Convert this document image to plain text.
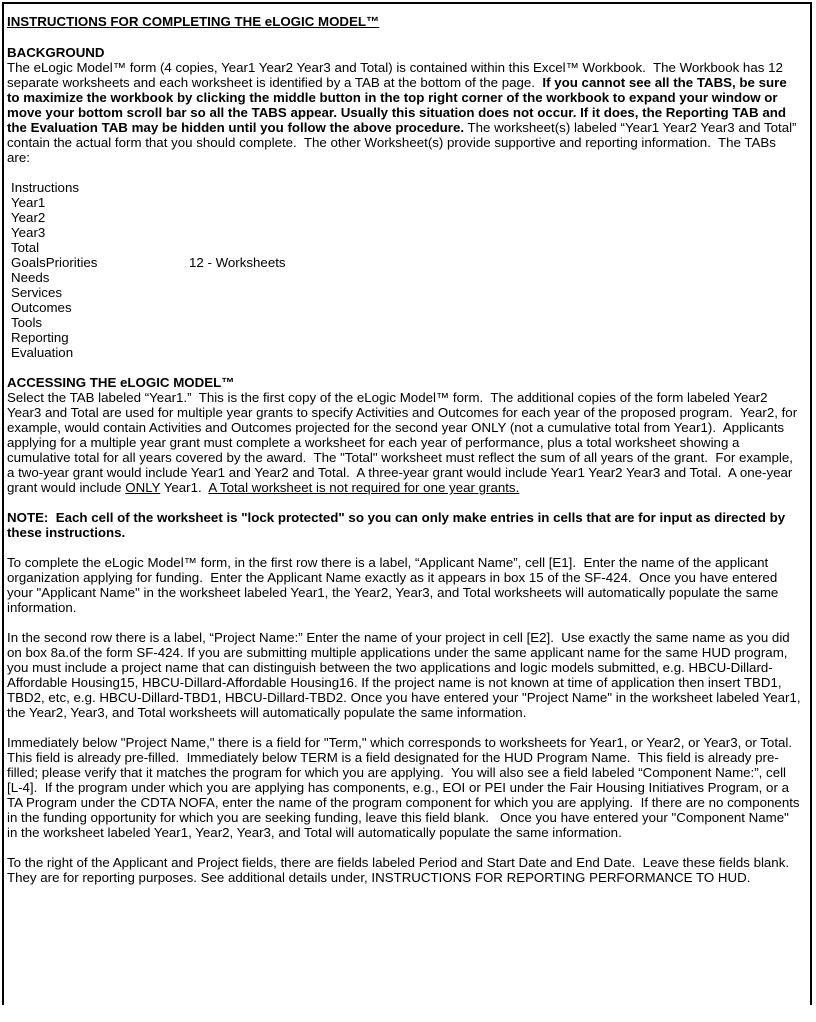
INSTRUCTIONS FOR COMPLETING THE eLOGIC MODEL™
BACKGROUND

The eLogic Model™ form (4 copies, Year1 Year2 Year3 and Total) is contained within this Excel™ Workbook.  The Workbook has 12 separate worksheets and each worksheet is identified by a TAB at the bottom of the page.  If you cannot see all the TABS, be sure to maximize the workbook by clicking the middle button in the top right corner of the workbook to expand your window or move your bottom scroll bar so all the TABS appear. Usually this situation does not occur. If it does, the Reporting TAB and the Evaluation TAB may be hidden until you follow the above procedure. The worksheet(s) labeled “Year1 Year2 Year3 and Total” contain the actual form that you should complete.  The other Worksheet(s) provide supportive and reporting information.  The TABs are:

Instructions
Year1
Year2
Year3
Total
GoalsPriorities	12 - Worksheets
Needs
Services
Outcomes
Tools
Reporting
Evaluation
ACCESSING THE eLOGIC MODEL™

Select the TAB labeled “Year1.”  This is the first copy of the eLogic Model™ form.  The additional copies of the form labeled Year2 Year3 and Total are used for multiple year grants to specify Activities and Outcomes for each year of the proposed program.  Year2, for example, would contain Activities and Outcomes projected for the second year ONLY (not a cumulative total from Year1).  Applicants applying for a multiple year grant must complete a worksheet for each year of performance, plus a total worksheet showing a cumulative total for all years covered by the award.  The "Total" worksheet must reflect the sum of all years of the grant.  For example, a two-year grant would include Year1 and Year2 and Total.  A three-year grant would include Year1 Year2 Year3 and Total.  A one-year grant would include ONLY Year1.  A Total worksheet is not required for one year grants.

NOTE:  Each cell of the worksheet is "lock protected" so you can only make entries in cells that are for input as directed by these instructions.

To complete the eLogic Model™ form, in the first row there is a label, “Applicant Name”, cell [E1].  Enter the name of the applicant organization applying for funding.  Enter the Applicant Name exactly as it appears in box 15 of the SF-424.  Once you have entered your "Applicant Name" in the worksheet labeled Year1, the Year2, Year3, and Total worksheets will automatically populate the same information.

In the second row there is a label, “Project Name:” Enter the name of your project in cell [E2].  Use exactly the same name as you did on box 8a.of the form SF-424. If you are submitting multiple applications under the same applicant name for the same HUD program, you must include a project name that can distinguish between the two applications and logic models submitted, e.g. HBCU-Dillard-Affordable Housing15, HBCU-Dillard-Affordable Housing16. If the project name is not known at time of application then insert TBD1, TBD2, etc, e.g. HBCU-Dillard-TBD1, HBCU-Dillard-TBD2. Once you have entered your "Project Name" in the worksheet labeled Year1, the Year2, Year3, and Total worksheets will automatically populate the same information.

Immediately below "Project Name," there is a field for "Term," which corresponds to worksheets for Year1, or Year2, or Year3, or Total.  This field is already pre-filled.  Immediately below TERM is a field designated for the HUD Program Name.  This field is already pre-filled; please verify that it matches the program for which you are applying.  You will also see a field labeled “Component Name:”, cell [L-4].  If the program under which you are applying has components, e.g., EOI or PEI under the Fair Housing Initiatives Program, or a TA Program under the CDTA NOFA, enter the name of the program component for which you are applying.  If there are no components in the funding opportunity for which you are seeking funding, leave this field blank.   Once you have entered your "Component Name" in the worksheet labeled Year1, Year2, Year3, and Total will automatically populate the same information.

To the right of the Applicant and Project fields, there are fields labeled Period and Start Date and End Date.  Leave these fields blank.  They are for reporting purposes. See additional details under, INSTRUCTIONS FOR REPORTING PERFORMANCE TO HUD.
